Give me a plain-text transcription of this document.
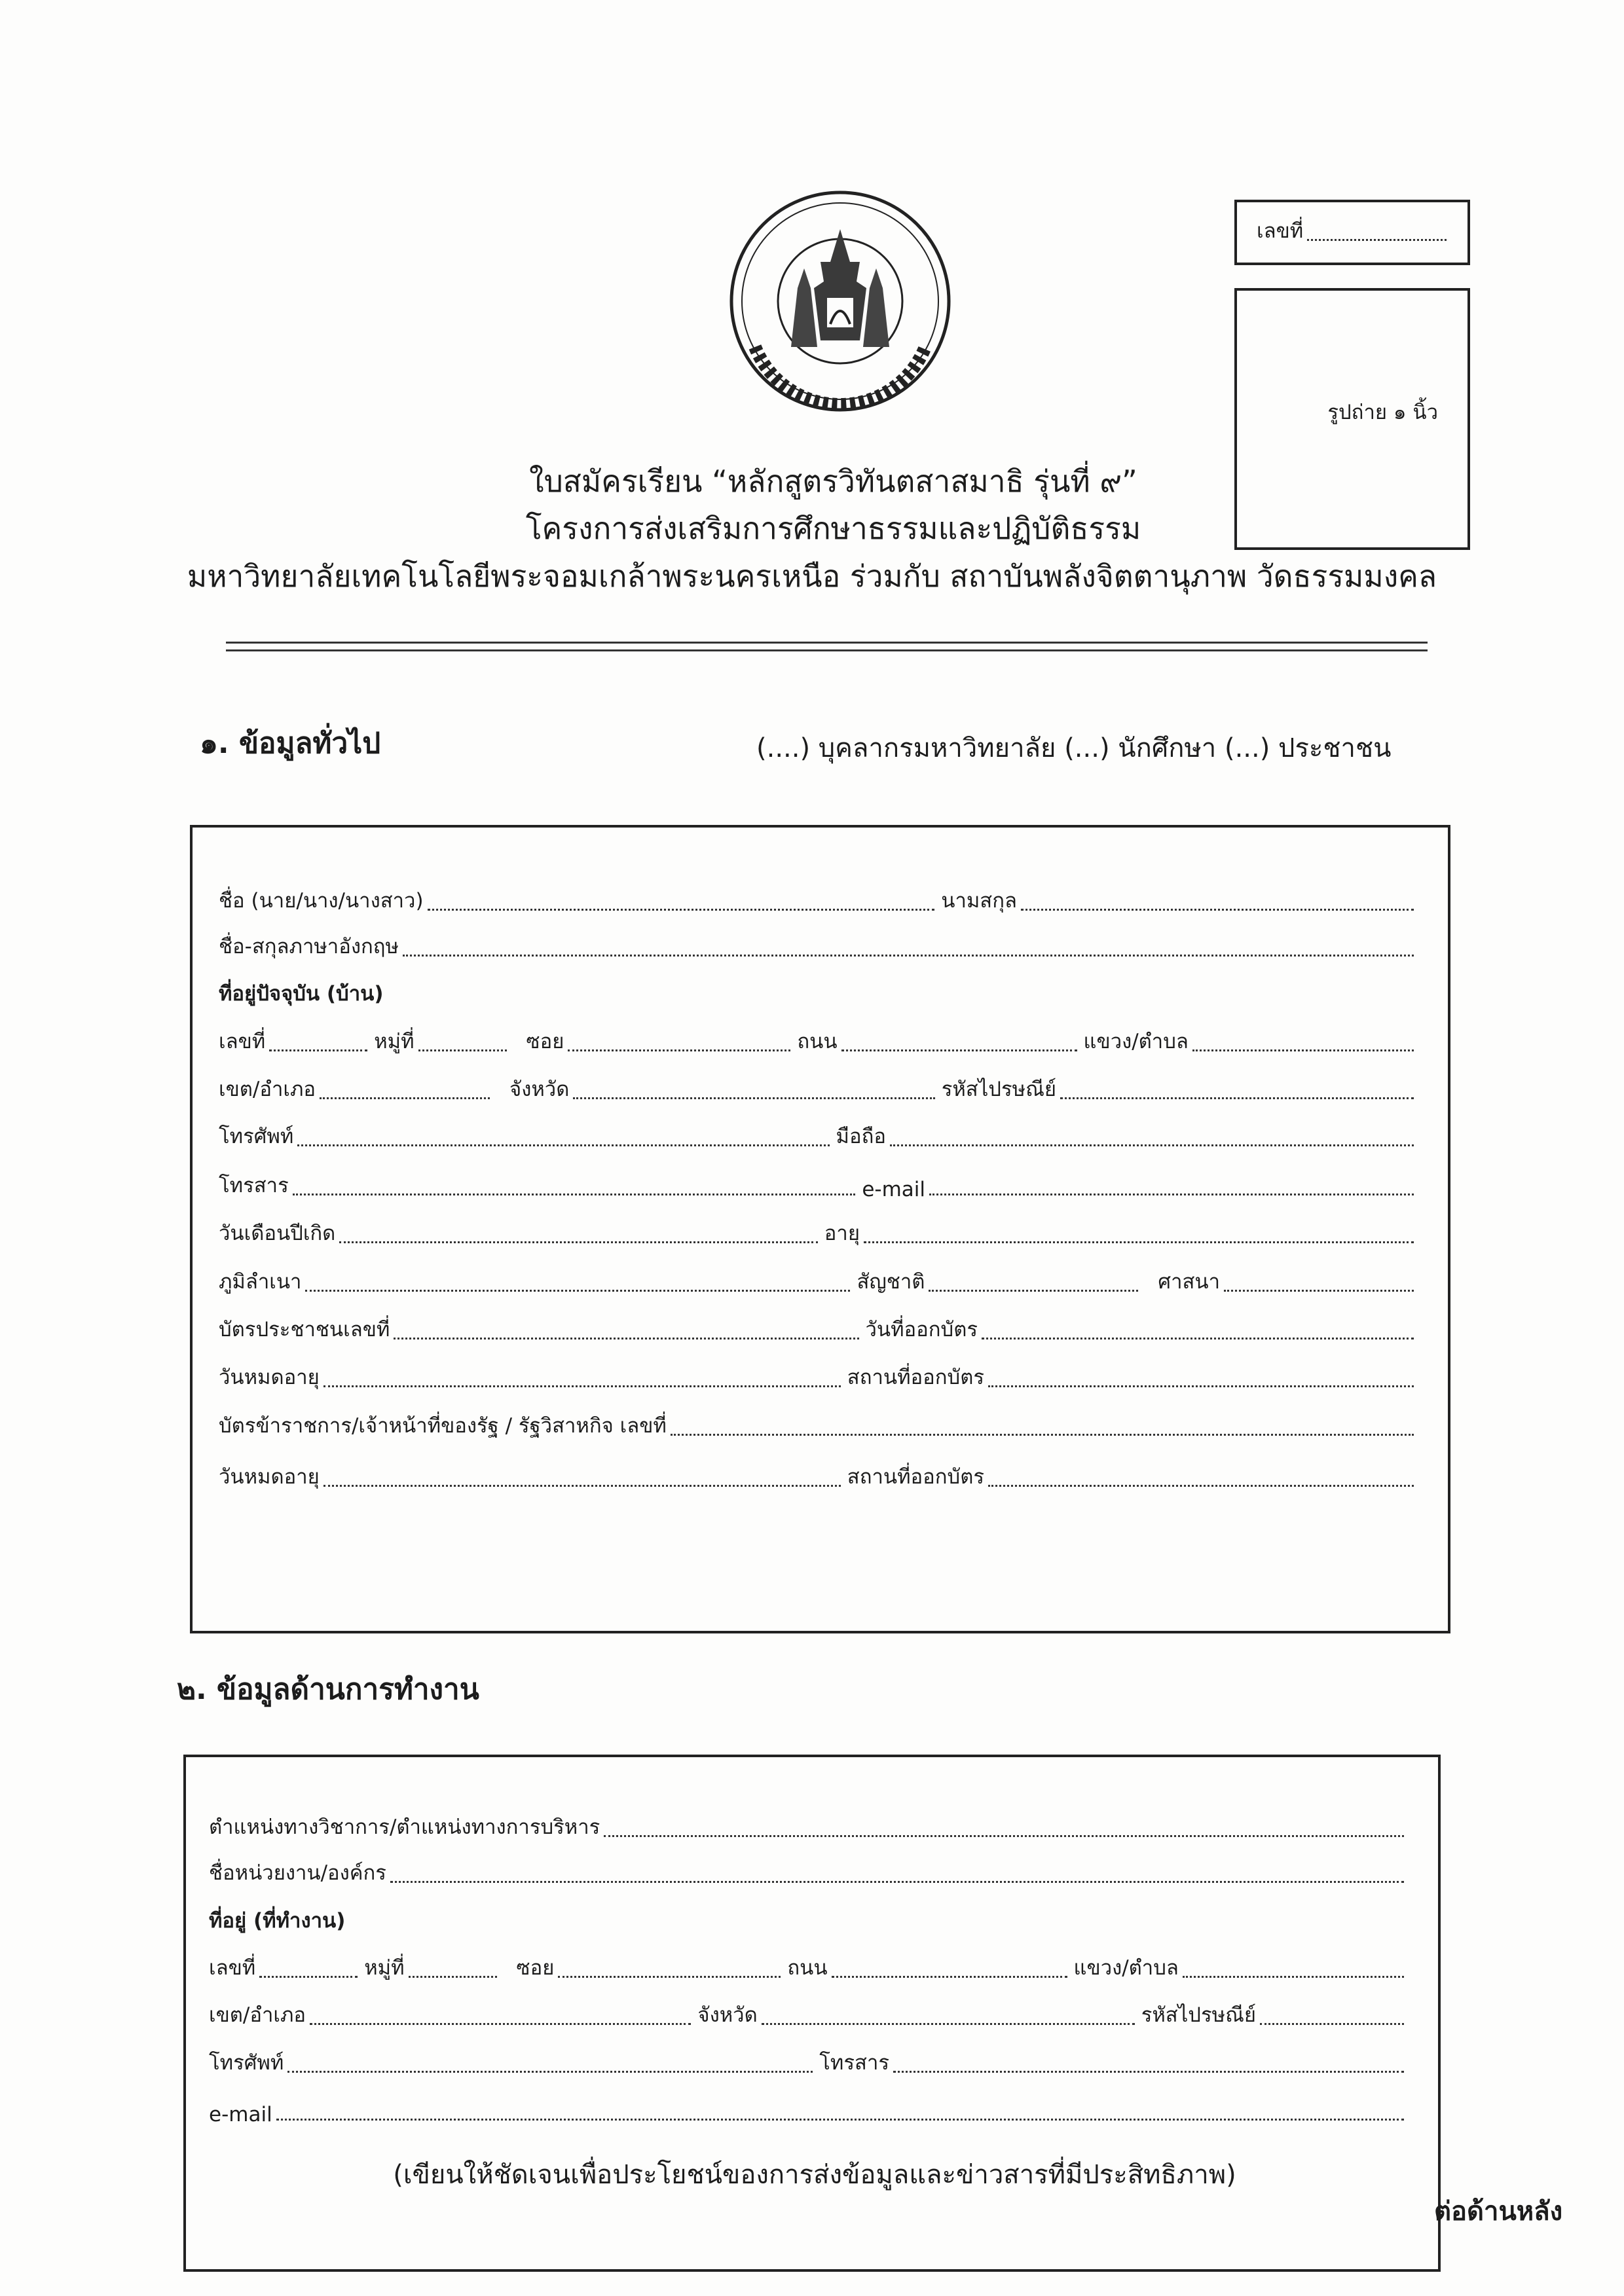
เลขที่
รูปถ่าย ๑ นิ้ว
ใบสมัครเรียน “หลักสูตรวิทันตสาสมาธิ รุ่นที่ ๙”
โครงการส่งเสริมการศึกษาธรรมและปฏิบัติธรรม
มหาวิทยาลัยเทคโนโลยีพระจอมเกล้าพระนครเหนือ ร่วมกับ สถาบันพลังจิตตานุภาพ วัดธรรมมงคล
๑. ข้อมูลทั่วไป	(....) บุคลากรมหาวิทยาลัย (...) นักศึกษา (...) ประชาชน
ชื่อ (นาย/นาง/นางสาว)	นามสกุล
ชื่อ-สกุลภาษาอังกฤษ
ที่อยู่ปัจจุบัน (บ้าน)
เลขที่	หมู่ที่	ซอย	ถนน	แขวง/ตำบล
เขต/อำเภอ	จังหวัด	รหัสไปรษณีย์
โทรศัพท์	มือถือ
โทรสาร	e-mail
วันเดือนปีเกิด	อายุ
ภูมิลำเนา	สัญชาติ	ศาสนา
บัตรประชาชนเลขที่	วันที่ออกบัตร
วันหมดอายุ	สถานที่ออกบัตร
บัตรข้าราชการ/เจ้าหน้าที่ของรัฐ / รัฐวิสาหกิจ เลขที่
วันหมดอายุ	สถานที่ออกบัตร
๒. ข้อมูลด้านการทำงาน
ตำแหน่งทางวิชาการ/ตำแหน่งทางการบริหาร
ชื่อหน่วยงาน/องค์กร
ที่อยู่ (ที่ทำงาน)
เลขที่	หมู่ที่	ซอย	ถนน	แขวง/ตำบล
เขต/อำเภอ	จังหวัด	รหัสไปรษณีย์
โทรศัพท์	โทรสาร
e-mail
(เขียนให้ชัดเจนเพื่อประโยชน์ของการส่งข้อมูลและข่าวสารที่มีประสิทธิภาพ)
ต่อด้านหลัง
